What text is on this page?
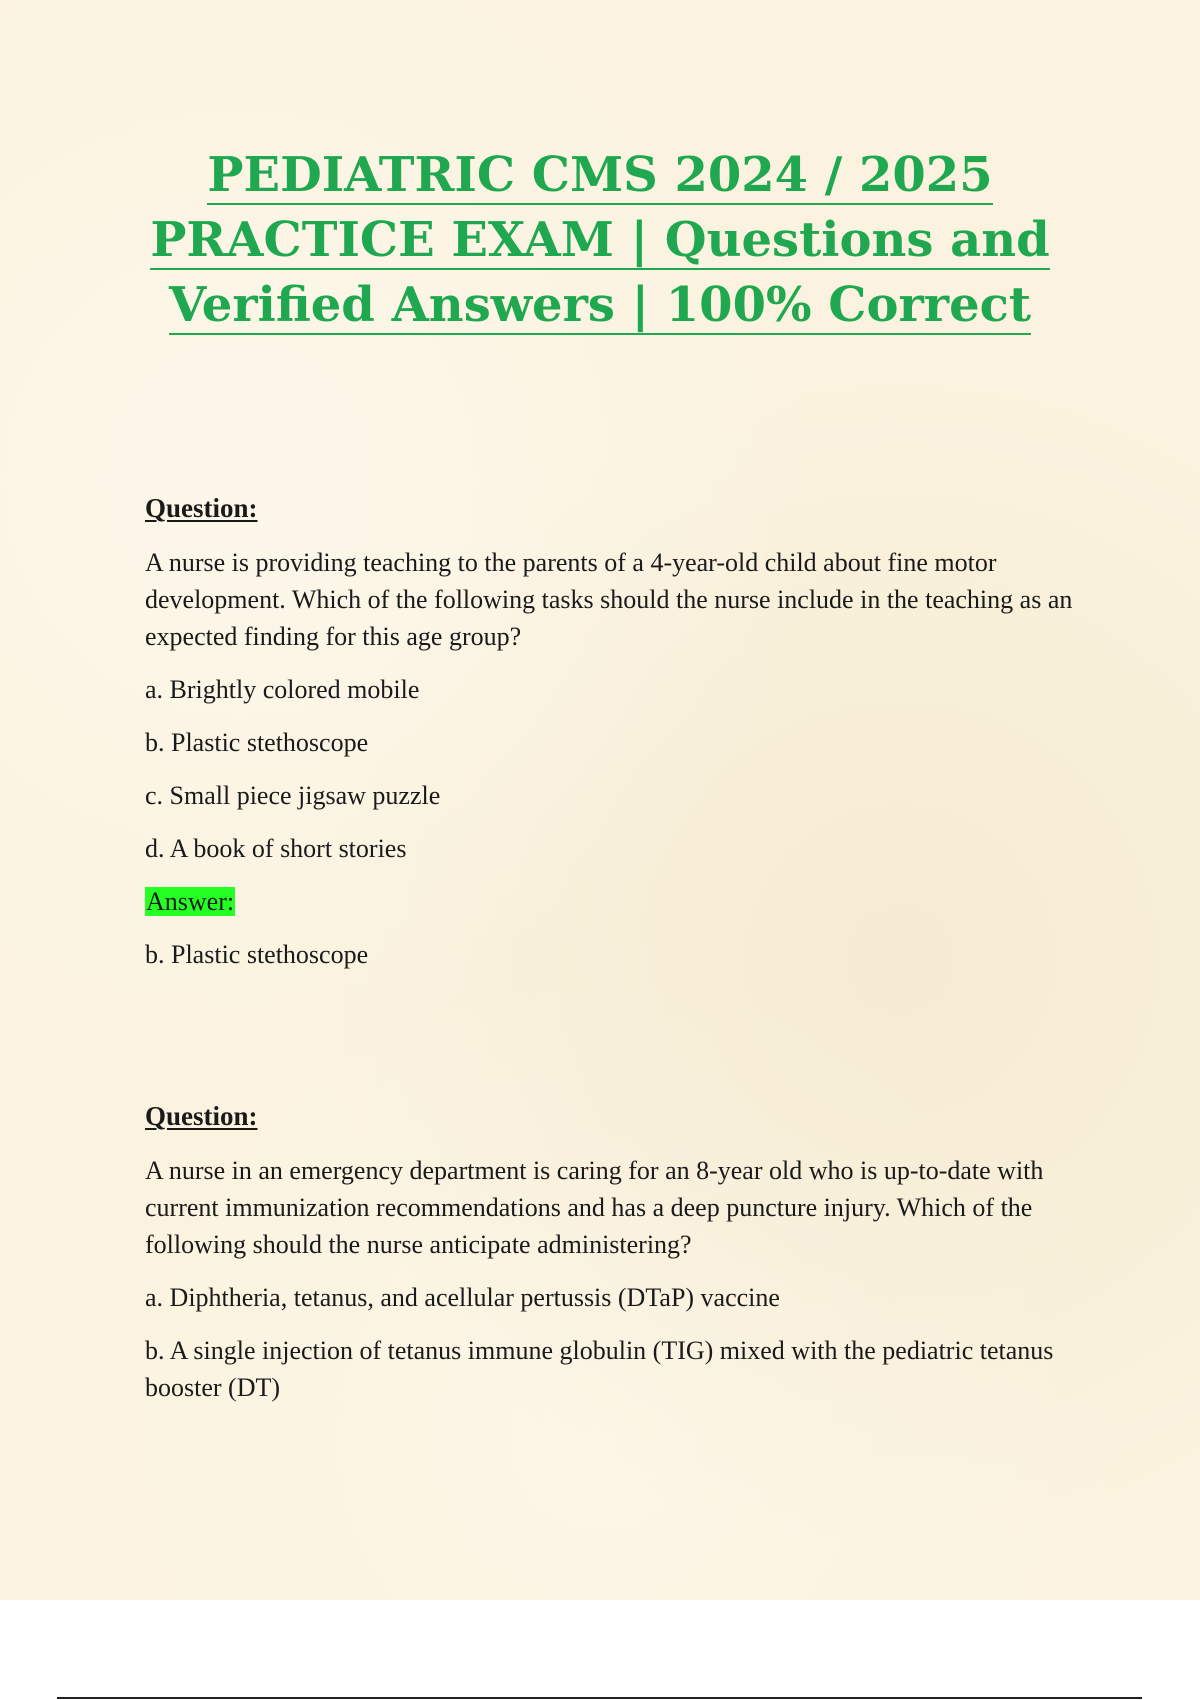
PEDIATRIC CMS 2024 / 2025
PRACTICE EXAM | Questions and
Verified Answers | 100% Correct

Question:

A nurse is providing teaching to the parents of a 4-year-old child about fine motor development. Which of the following tasks should the nurse include in the teaching as an expected finding for this age group?

a. Brightly colored mobile

b. Plastic stethoscope

c. Small piece jigsaw puzzle

d. A book of short stories

Answer:

b. Plastic stethoscope

Question:

A nurse in an emergency department is caring for an 8-year old who is up-to-date with current immunization recommendations and has a deep puncture injury. Which of the following should the nurse anticipate administering?

a. Diphtheria, tetanus, and acellular pertussis (DTaP) vaccine

b. A single injection of tetanus immune globulin (TIG) mixed with the pediatric tetanus booster (DT)
